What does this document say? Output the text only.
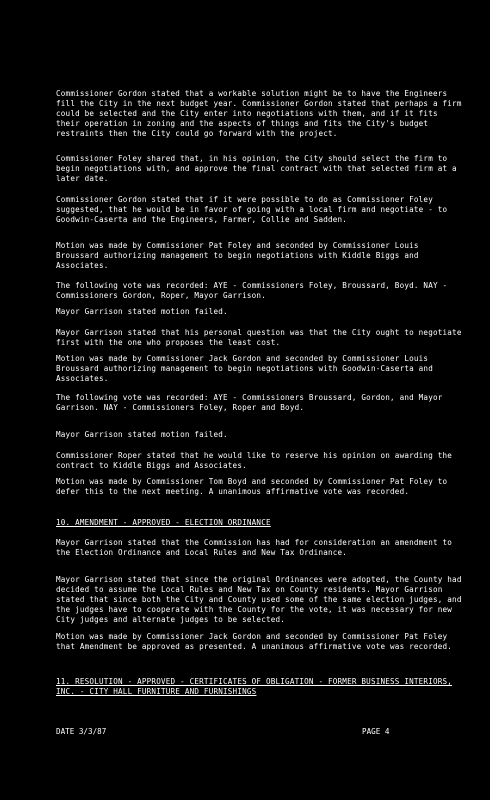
Commissioner Gordon stated that a workable solution might be to have the Engineers fill the City in the next budget year. Commissioner Gordon stated that perhaps a firm could be selected and the City enter into negotiations with them, and if it fits their operation in zoning and the aspects of things and fits the City's budget restraints then the City could go forward with the project.
Commissioner Foley shared that, in his opinion, the City should select the firm to begin negotiations with, and approve the final contract with that selected firm at a later date.
Commissioner Gordon stated that if it were possible to do as Commissioner Foley suggested, that he would be in favor of going with a local firm and negotiate - to Goodwin-Caserta and the Engineers, Farmer, Collie and Sadden.
Motion was made by Commissioner Pat Foley and seconded by Commissioner Louis Broussard authorizing management to begin negotiations with Kiddle Biggs and Associates.
The following vote was recorded: AYE - Commissioners Foley, Broussard, Boyd. NAY - Commissioners Gordon, Roper, Mayor Garrison.
Mayor Garrison stated motion failed.
Mayor Garrison stated that his personal question was that the City ought to negotiate first with the one who proposes the least cost.
Motion was made by Commissioner Jack Gordon and seconded by Commissioner Louis Broussard authorizing management to begin negotiations with Goodwin-Caserta and Associates.
The following vote was recorded: AYE - Commissioners Broussard, Gordon, and Mayor Garrison. NAY - Commissioners Foley, Roper and Boyd.
Mayor Garrison stated motion failed.
Commissioner Roper stated that he would like to reserve his opinion on awarding the contract to Kiddle Biggs and Associates.
Motion was made by Commissioner Tom Boyd and seconded by Commissioner Pat Foley to defer this to the next meeting. A unanimous affirmative vote was recorded.
10. AMENDMENT - APPROVED - ELECTION ORDINANCE
Mayor Garrison stated that the Commission has had for consideration an amendment to the Election Ordinance and Local Rules and New Tax Ordinance.
Mayor Garrison stated that since the original Ordinances were adopted, the County had decided to assume the Local Rules and New Tax on County residents. Mayor Garrison stated that since both the City and County used some of the same election judges, and the judges have to cooperate with the County for the vote, it was necessary for new City judges and alternate judges to be selected.
Motion was made by Commissioner Jack Gordon and seconded by Commissioner Pat Foley that Amendment be approved as presented. A unanimous affirmative vote was recorded.
11. RESOLUTION - APPROVED - CERTIFICATES OF OBLIGATION - FORMER BUSINESS INTERIORS, INC. - CITY HALL FURNITURE AND FURNISHINGS
DATE 3/3/87	PAGE 4
